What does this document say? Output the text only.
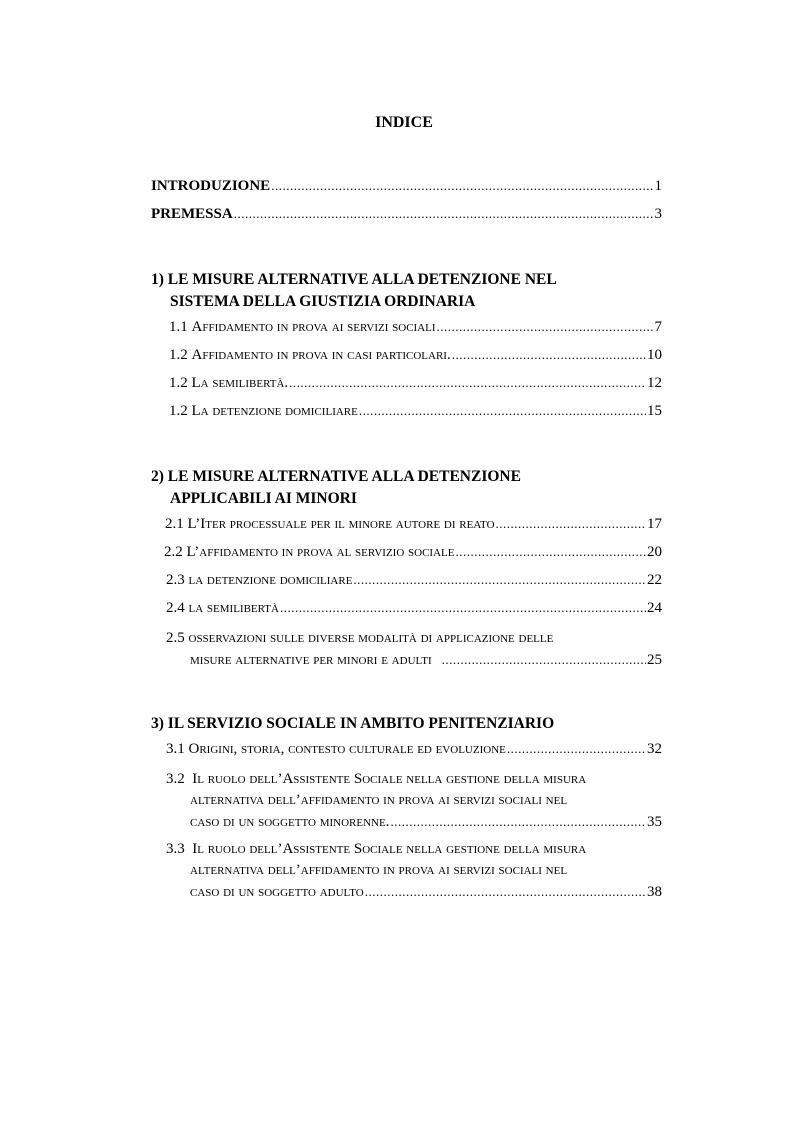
INDICE
INTRODUZIONE .....	1
PREMESSA .....	3
1) LE MISURE ALTERNATIVE ALLA DETENZIONE NEL
SISTEMA DELLA GIUSTIZIA ORDINARIA
1.1
Affidamento in prova ai servizi sociali .....	7
1.2
Affidamento in prova in casi particolari. .....	10
1.2
La semilibertà. .....	12
1.2
La detenzione domiciliare .....	15
2) LE MISURE ALTERNATIVE ALLA DETENZIONE
APPLICABILI AI MINORI
2.1
L’Iter processuale per il minore autore di reato .....	17
2.2
L’affidamento in prova al servizio sociale .....	20
2.3
la detenzione domiciliare .....	22
2.4
la semilibertà .....	24
2.5 osservazioni sulle diverse modalità di applicazione delle
misure alternative per minori e adulti .....	25
3) IL SERVIZIO SOCIALE IN AMBITO PENITENZIARIO
3.1
Origini, storia, contesto culturale ed evoluzione .....	32
3.2 Il ruolo dell’Assistente Sociale nella gestione della misura
alternativa dell’affidamento in prova ai servizi sociali nel
caso di un soggetto minorenne. .....	35
3.3 Il ruolo dell’Assistente Sociale nella gestione della misura
alternativa dell’affidamento in prova ai servizi sociali nel
caso di un soggetto adulto .....	38
